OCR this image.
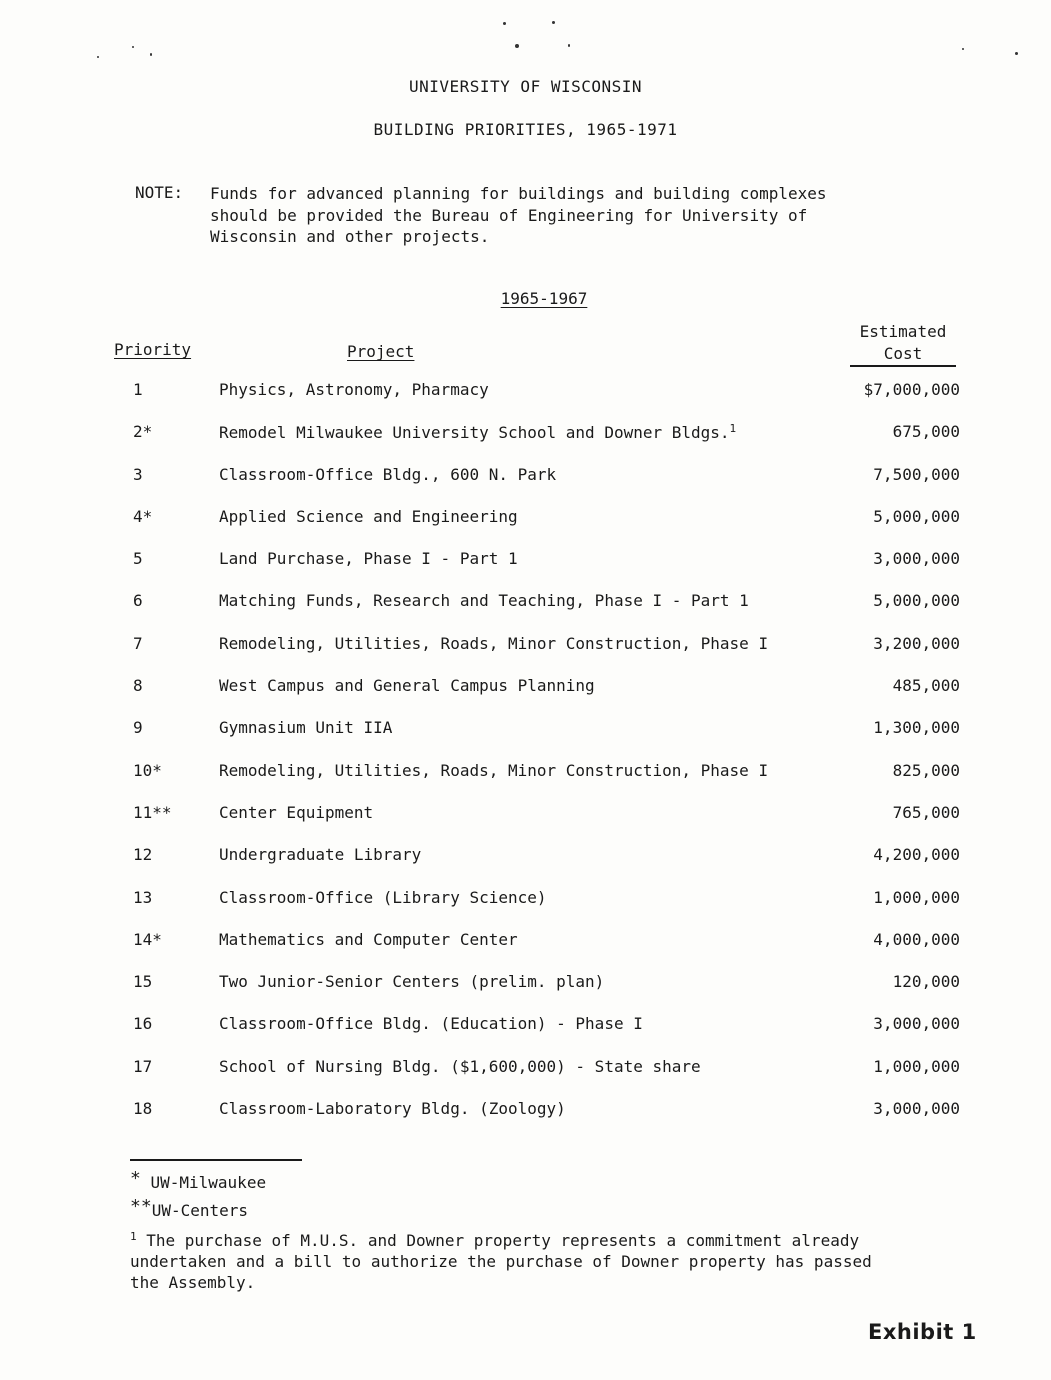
UNIVERSITY OF WISCONSIN
BUILDING PRIORITIES, 1965-1971
NOTE: Funds for advanced planning for buildings and building complexes
should be provided the Bureau of Engineering for University of
Wisconsin and other projects.

1965-1967
Priority	Project
Estimated
Cost
1	Physics, Astronomy, Pharmacy	$7,000,000
2*	Remodel Milwaukee University School and Downer Bldgs.$^1$	675,000
3	Classroom-Office Bldg., 600 N. Park	7,500,000
4*	Applied Science and Engineering	5,000,000
5	Land Purchase, Phase I - Part 1	3,000,000
6	Matching Funds, Research and Teaching, Phase I - Part 1	5,000,000
7	Remodeling, Utilities, Roads, Minor Construction, Phase I	3,200,000
8	West Campus and General Campus Planning	485,000
9	Gymnasium Unit IIA	1,300,000
10*	Remodeling, Utilities, Roads, Minor Construction, Phase I	825,000
11**	Center Equipment	765,000
12	Undergraduate Library	4,200,000
13	Classroom-Office (Library Science)	1,000,000
14*	Mathematics and Computer Center	4,000,000
15	Two Junior-Senior Centers (prelim. plan)	120,000
16	Classroom-Office Bldg. (Education) - Phase I	3,000,000
17	School of Nursing Bldg. ($1,600,000) - State share	1,000,000
18	Classroom-Laboratory Bldg. (Zoology)	3,000,000
* UW-Milwaukee
**UW-Centers
$^1$ The purchase of M.U.S. and Downer property represents a commitment already
undertaken and a bill to authorize the purchase of Downer property has passed
the Assembly.
Exhibit 1
